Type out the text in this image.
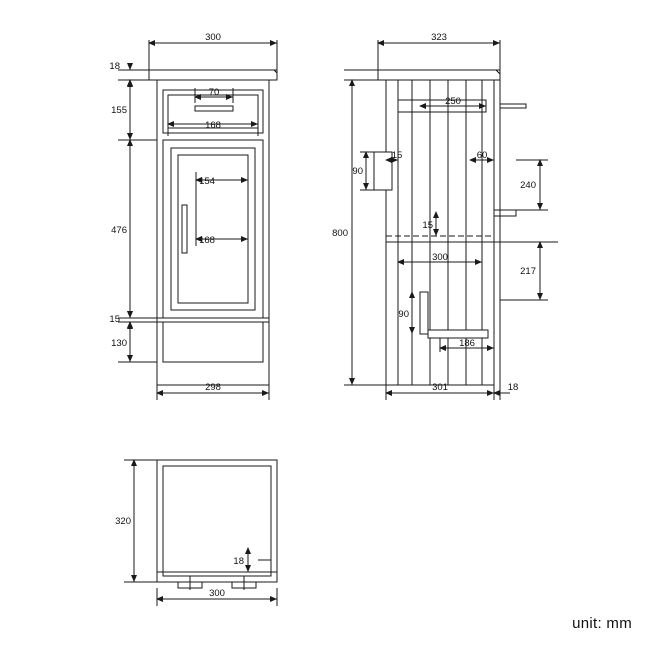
300
298
18
155
476
15
130
70
168
154
168
323
301	18
800
250
90
15	60
240
217
15
300
90
186
320
18
300
unit: mm
